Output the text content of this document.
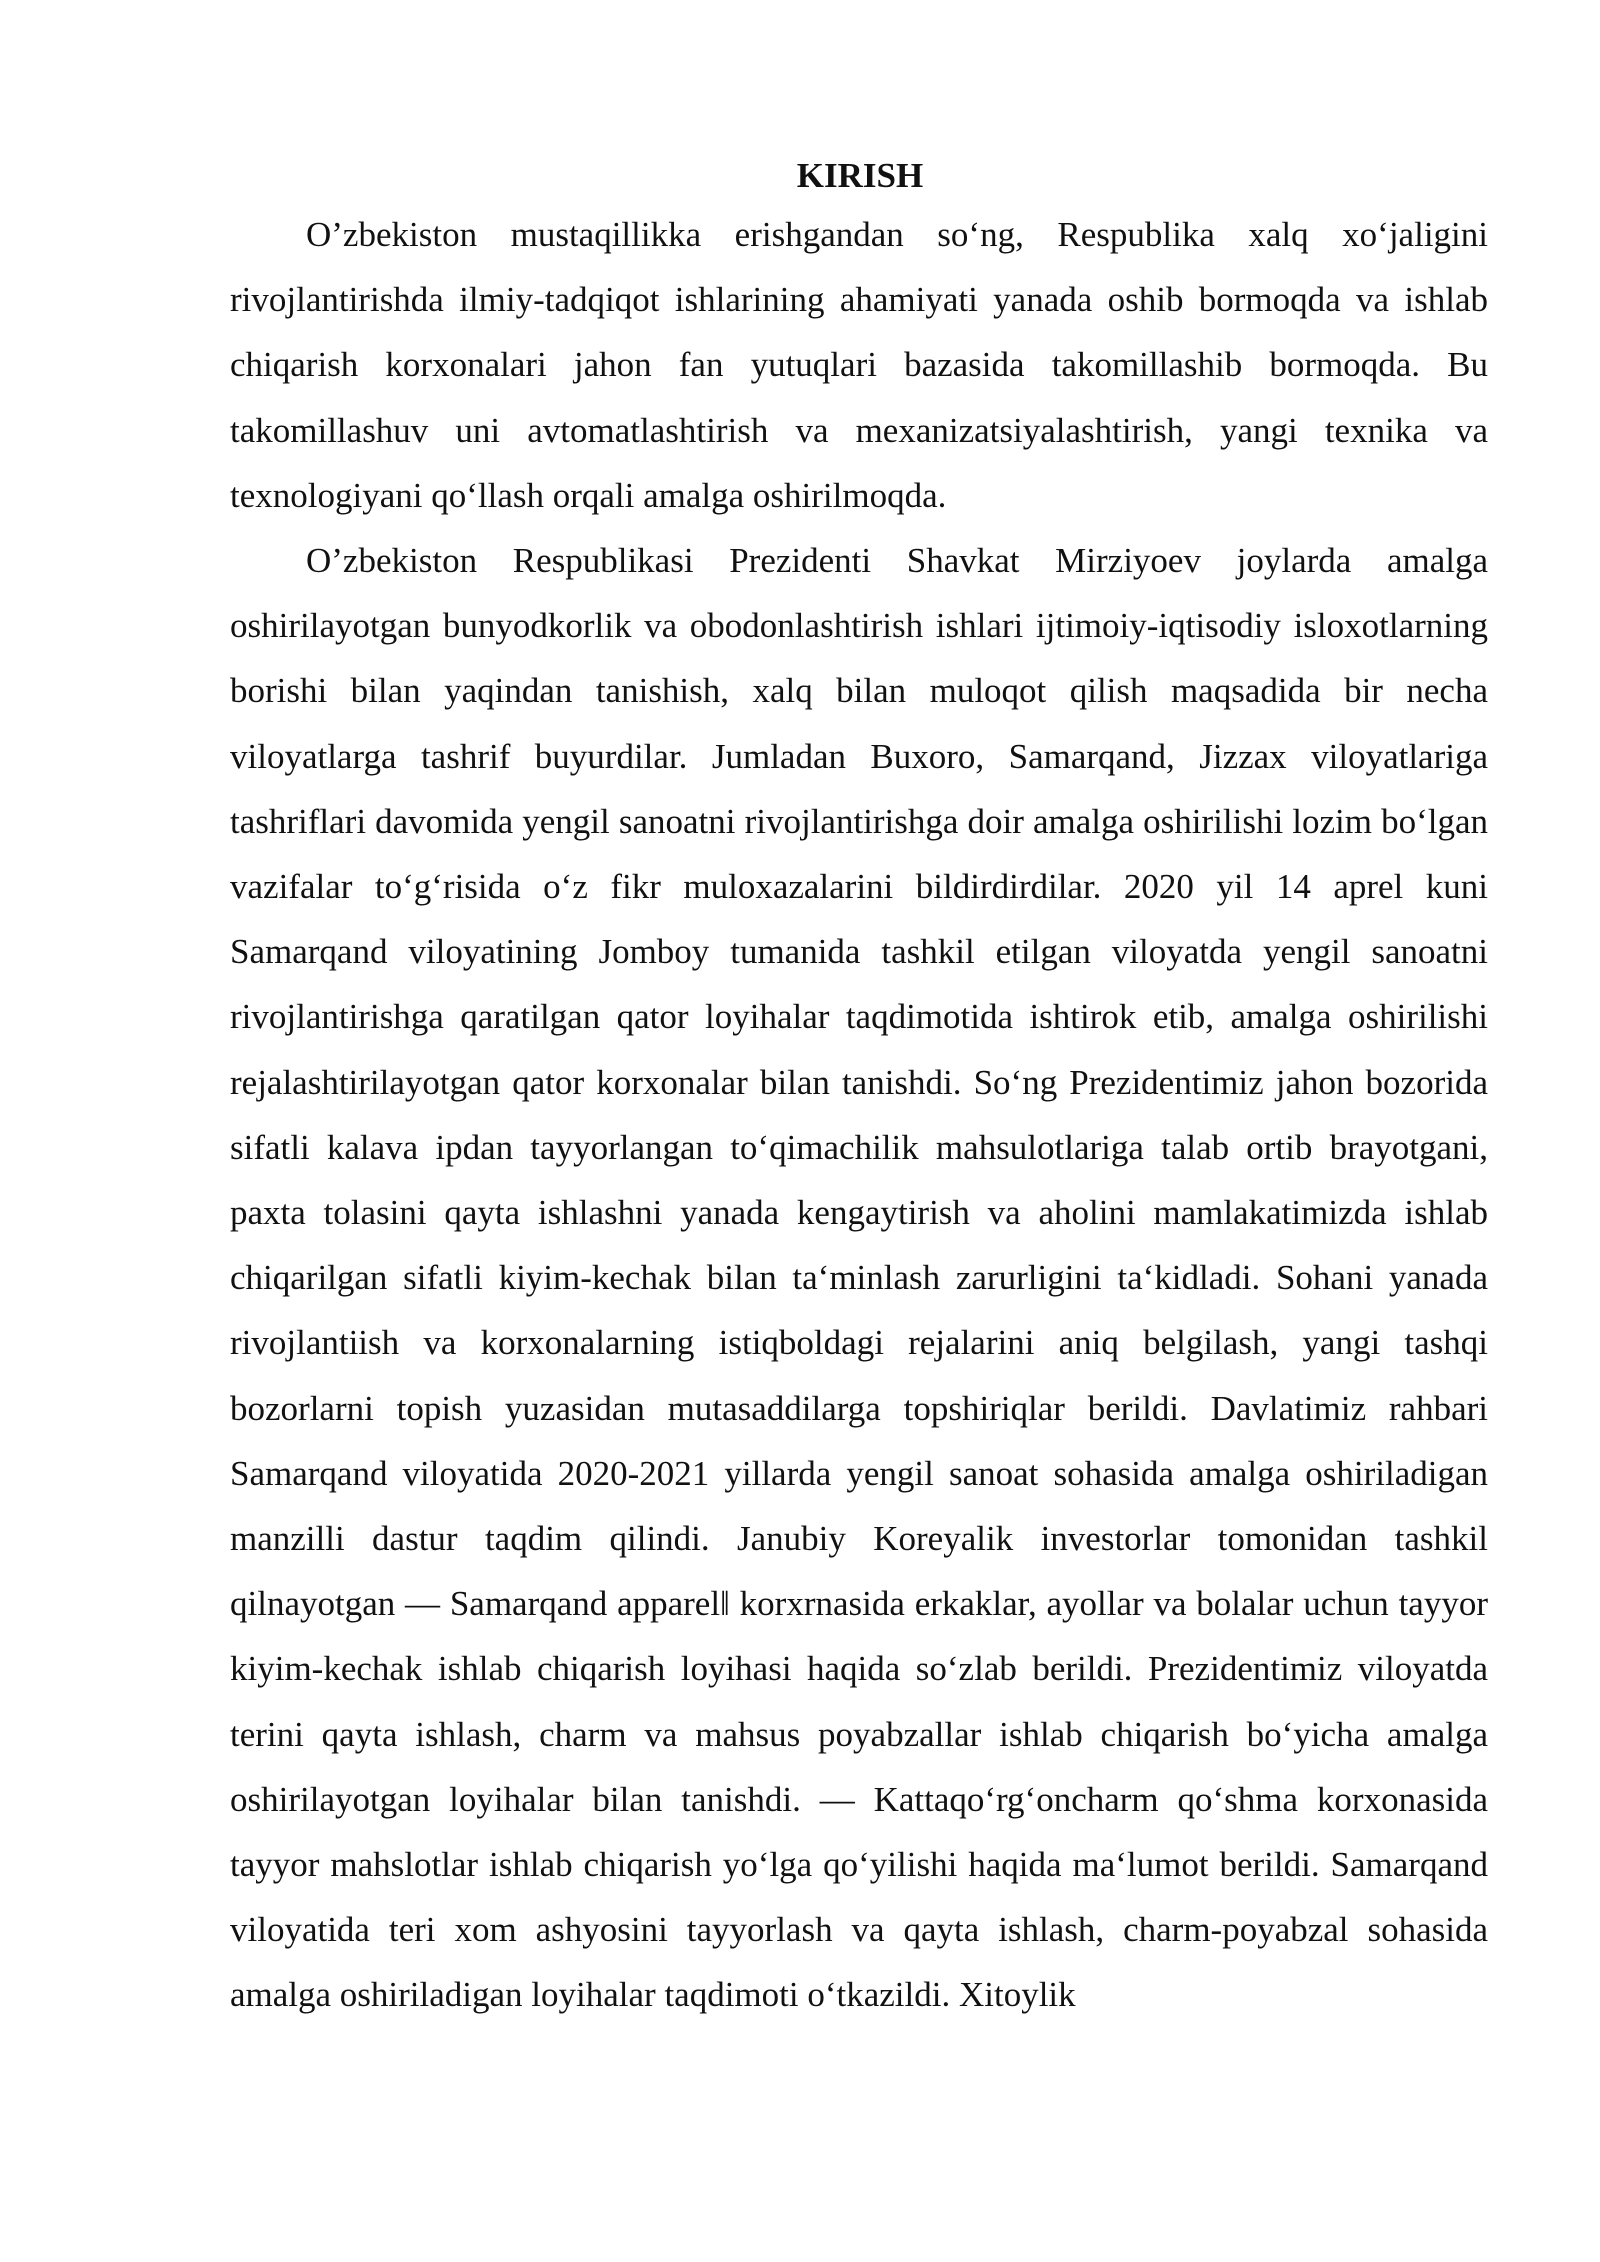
KIRISH

O’zbekiston mustaqillikka erishgandan so‘ng, Respublika xalq xo‘jaligini rivojlantirishda ilmiy-tadqiqot ishlarining ahamiyati yanada oshib bormoqda va ishlab chiqarish korxonalari jahon fan yutuqlari bazasida takomillashib bormoqda. Bu takomillashuv uni avtomatlashtirish va mexanizatsiyalashtirish, yangi texnika va texnologiyani qo‘llash orqali amalga oshirilmoqda.

O’zbekiston Respublikasi Prezidenti Shavkat Mirziyoev joylarda amalga oshirilayotgan bunyodkorlik va obodonlashtirish ishlari ijtimoiy-iqtisodiy isloxotlarning borishi bilan yaqindan tanishish, xalq bilan muloqot qilish maqsadida bir necha viloyatlarga tashrif buyurdilar. Jumladan Buxoro, Samarqand, Jizzax viloyatlariga tashriflari davomida yengil sanoatni rivojlantirishga doir amalga oshirilishi lozim bo‘lgan vazifalar to‘g‘risida o‘z fikr muloxazalarini bildirdirdilar. 2020 yil 14 aprel kuni Samarqand viloyatining Jomboy tumanida tashkil etilgan viloyatda yengil sanoatni rivojlantirishga qaratilgan qator loyihalar taqdimotida ishtirok etib, amalga oshirilishi rejalashtirilayotgan qator korxonalar bilan tanishdi. So‘ng Prezidentimiz jahon bozorida sifatli kalava ipdan tayyorlangan to‘qimachilik mahsulotlariga talab ortib brayotgani, paxta tolasini qayta ishlashni yanada kengaytirish va aholini mamlakatimizda ishlab chiqarilgan sifatli kiyim-kechak bilan ta‘minlash zarurligini ta‘kidladi. Sohani yanada rivojlantiish va korxonalarning istiqboldagi rejalarini aniq belgilash, yangi tashqi bozorlarni topish yuzasidan mutasaddilarga topshiriqlar berildi. Davlatimiz rahbari Samarqand viloyatida 2020-2021 yillarda yengil sanoat sohasida amalga oshiriladigan manzilli dastur taqdim qilindi. Janubiy Koreyalik investorlar tomonidan tashkil qilnayotgan ― Samarqand apparel‖ korxrnasida erkaklar, ayollar va bolalar uchun tayyor kiyim-kechak ishlab chiqarish loyihasi haqida so‘zlab berildi. Prezidentimiz viloyatda terini qayta ishlash, charm va mahsus poyabzallar ishlab chiqarish bo‘yicha amalga oshirilayotgan loyihalar bilan tanishdi. ― Kattaqo‘rg‘oncharm qo‘shma korxonasida tayyor mahslotlar ishlab chiqarish yo‘lga qo‘yilishi haqida ma‘lumot berildi. Samarqand viloyatida teri xom ashyosini tayyorlash va qayta ishlash, charm-poyabzal sohasida amalga oshiriladigan loyihalar taqdimoti o‘tkazildi. Xitoylik
